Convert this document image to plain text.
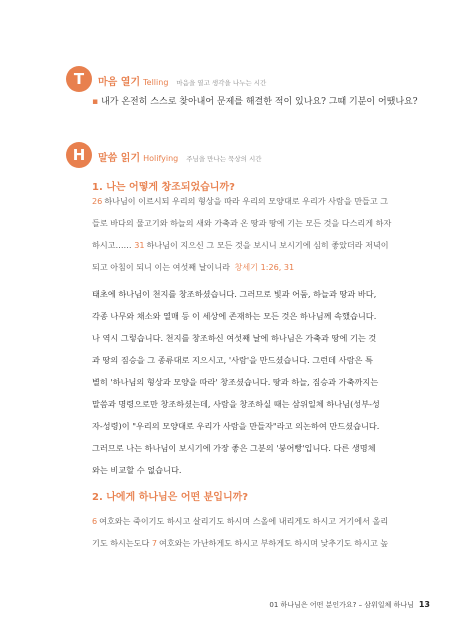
T	마음 열기 Telling 마음을 열고 생각을 나누는 시간
▪ 내가 온전히 스스로 찾아내어 문제를 해결한 적이 있나요? 그때 기분이 어땠나요?
H	말씀 읽기 Holifying 주님을 만나는 묵상의 시간
1. 나는 어떻게 창조되었습니까?
26 하나님이 이르시되 우리의 형상을 따라 우리의 모양대로 우리가 사람을 만들고 그
들로 바다의 물고기와 하늘의 새와 가축과 온 땅과 땅에 기는 모든 것을 다스리게 하자
하시고…… 31 하나님이 지으신 그 모든 것을 보시니 보시기에 심히 좋았더라 저녁이
되고 아침이 되니 이는 여섯째 날이니라 창세기 1:26, 31
태초에 하나님이 천지를 창조하셨습니다. 그러므로 빛과 어둠, 하늘과 땅과 바다,
각종 나무와 채소와 열매 등 이 세상에 존재하는 모든 것은 하나님께 속했습니다.
나 역시 그렇습니다. 천지를 창조하신 여섯째 날에 하나님은 가축과 땅에 기는 것
과 땅의 짐승을 그 종류대로 지으시고, '사람'을 만드셨습니다. 그런데 사람은 특
별히 '하나님의 형상과 모양을 따라' 창조셨습니다. 땅과 하늘, 짐승과 가축까지는
말씀과 명령으로만 창조하셨는데, 사람을 창조하실 때는 삼위일체 하나님(성부-성
자-성령)이 "우리의 모양대로 우리가 사람을 만들자"라고 의논하여 만드셨습니다.
그러므로 나는 하나님이 보시기에 가장 좋은 그분의 '붕어빵'입니다. 다른 생명체
와는 비교할 수 없습니다.
2. 나에게 하나님은 어떤 분입니까?
6 여호와는 죽이기도 하시고 살리기도 하시며 스올에 내리게도 하시고 거기에서 올리
기도 하시는도다 7 여호와는 가난하게도 하시고 부하게도 하시며 낮추기도 하시고 높
01 하나님은 어떤 분인가요? – 삼위일체 하나님 13
